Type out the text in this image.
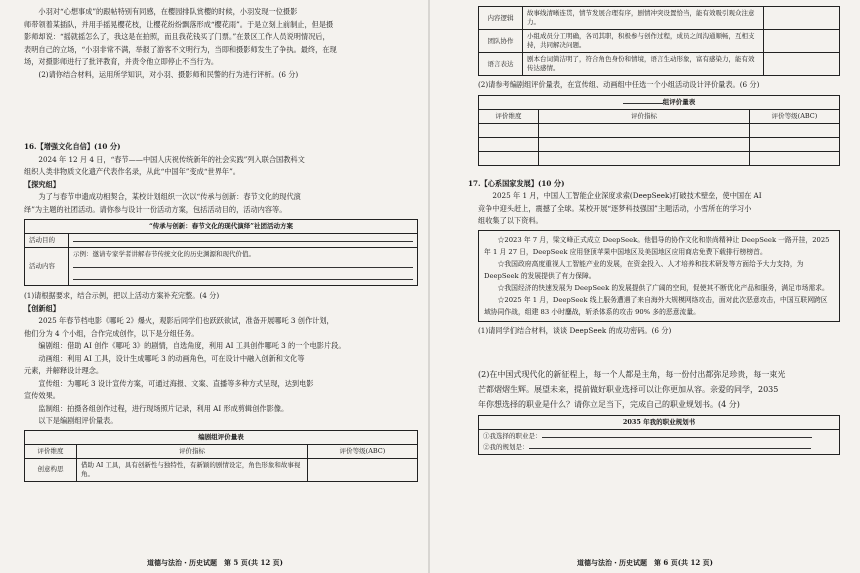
小羽对“心想事成”的跟帖特别有同感，在樱园排队赏樱的时候，小羽发现一位摄影

师带领着某插队，并用手摇晃樱花枝，让樱花纷纷飘落形成“樱花雨”。于是立刻上前制止，但是摄

影师却说：“摇就摇怎么了，我这是在拍照，而且我花钱买了门票。”在景区工作人员说明情况后，

表明自己的立场，“小羽非常不满，举报了游客不文明行为，当即和摄影师发生了争执。最终，在现

场，对摄影师进行了批评教育，并责令他立即停止不当行为。

(2)请你结合材料，运用所学知识，对小羽、摄影师和民警的行为进行评析。(6 分)

16.【增强文化自信】(10 分)

2024 年 12 月 4 日，“春节——中国人庆祝传统新年的社会实践”列入联合国教科文

组织人类非物质文化遗产代表作名录，从此“中国年”变成“世界年”。

【探究组】

为了与春节申遗成功相契合，某校计划组织一次以“传承与创新：春节文化的现代演

绎”为主题的社团活动。请你参与设计一份活动方案，包括活动目的，活动内容等。

“传承与创新：春节文化的现代演绎”社团活动方案	
活动目的	
活动内容	示例：邀请专家学者讲解春节传统文化的历史渊源和现代价值。

(1)请根据要求，结合示例，把以上活动方案补充完整。(4 分)

【创新组】

2025 年春节档电影《哪吒 2》爆火，观影后同学们也跃跃欲试，准备开展哪吒 3 创作计划，

他们分为 4 个小组，合作完成创作，以下是分组任务。

编剧组：借助 AI 创作《哪吒 3》的剧情，自选角度，利用 AI 工具创作哪吒 3 的一个电影片段。

动画组：利用 AI 工具，设计生成哪吒 3 的动画角色，可在设计中融入创新和文化等

元素，并解释设计理念。

宣传组：为哪吒 3 设计宣传方案，可通过海报、文案、直播等多种方式呈现，达到电影

宣传效果。

监制组：拍摄各组创作过程，进行现场照片记录，利用 AI 形成剪辑创作影像。

以下是编剧组评价量表。

编剧组评价量表		
评价维度	评价指标	评价等级(ABC)
创意构思	借助 AI 工具，具有创新性与独特性，有新颖的剧情设定，角色形象和故事视角。	
道德与法治・历史试题　第 5 页(共 12 页)
内容逻辑	故事线清晰连贯，情节发展合理有序，剧情冲突设置恰当，能有效吸引观众注意力。	
团队协作	小组成员分工明确，各司其职，积极参与创作过程，成员之间沟通顺畅，互相支持，共同解决问题。	
语言表达	剧本台词简洁明了，符合角色身份和情境，语言生动形象，富有感染力，能有效传达感情。	

(2)请参考编剧组评价量表，在宣传组、动画组中任选一个小组活动设计评价量表。(6 分)

组评价量表		
评价维度	评价指标	评价等级(ABC)

17.【心系国家发展】(10 分)

2025 年 1 月，中国人工智能企业深度求索(DeepSeek)打破技术壁垒，使中国在 AI

竞争中迎头赶上，震撼了全球。某校开展“逐梦科技强国”主题活动，小雪所在的学习小

组收集了以下资料。

☆2023 年 7 月，梁文峰正式成立 DeepSeek。他倡导的协作文化和崇尚精神让 DeepSeek 一路开挂，2025 年 1 月 27 日，DeepSeek 应用登顶苹果中国地区及美国地区应用商店免费下载排行榜榜首。

☆我国政府高度重视人工智能产业的发展，在资金投入、人才培养和技术研发等方面给予大力支持，为 DeepSeek 的发展提供了有力保障。

☆我国经济的快速发展为 DeepSeek 的发展提供了广阔的空间，促使其不断优化产品和服务，满足市场需求。

☆2025 年 1 月，DeepSeek 线上服务遭遇了来自海外大规模网络攻击，面对此次恶意攻击，中国互联网跨区域协同作战，组建 83 小时鏖战，斩杀体系的攻击 90% 多的恶意流量。

(1)请同学们结合材料，谈谈 DeepSeek 的成功密码。(6 分)

(2)在中国式现代化的新征程上，每一个人都是主角，每一份付出都弥足珍贵，每一束光

芒都熠熠生辉。展望未来，提前做好职业选择可以让你更加从容。亲爱的同学，2035

年你想选择的职业是什么？请你立足当下，完成自己的职业规划书。(4 分)

2035 年我的职业规划书

①我选择的职业是：
②我的规划是：
道德与法治・历史试题　第 6 页(共 12 页)
